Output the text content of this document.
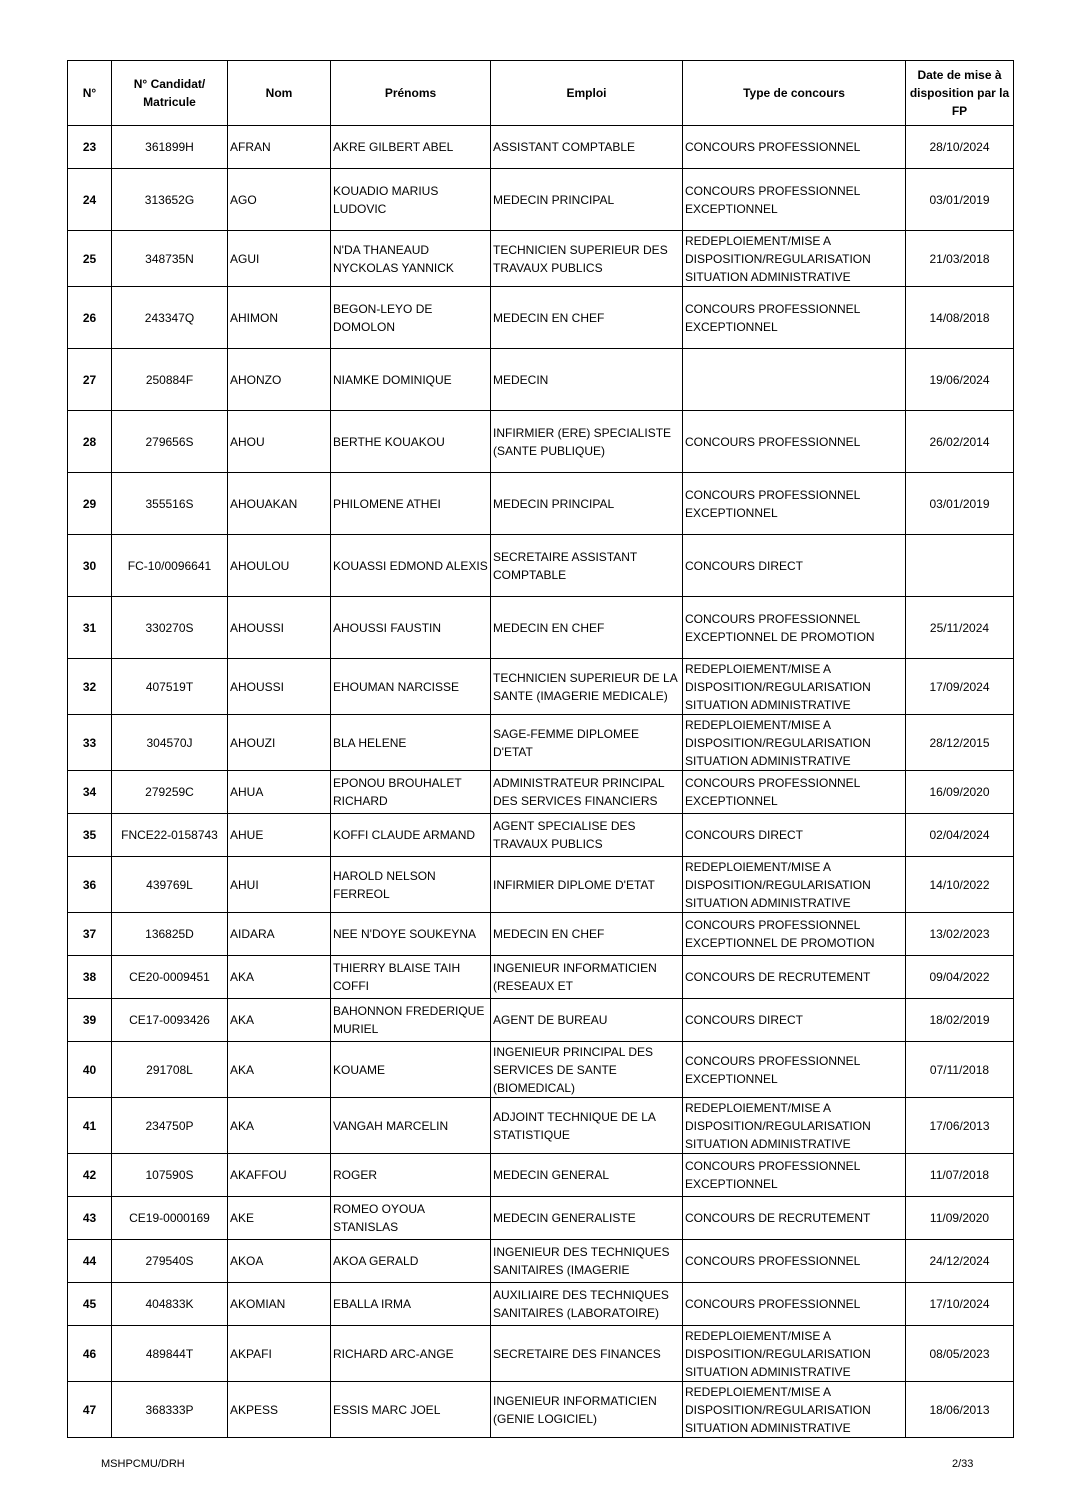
N°	N° Candidat/ Matricule	Nom	Prénoms	Emploi	Type de concours	Date de mise à disposition par la FP
23	361899H	AFRAN	AKRE GILBERT ABEL	ASSISTANT COMPTABLE	CONCOURS PROFESSIONNEL	28/10/2024
24	313652G	AGO	KOUADIO MARIUS LUDOVIC	MEDECIN PRINCIPAL	CONCOURS PROFESSIONNEL EXCEPTIONNEL	03/01/2019
25	348735N	AGUI	N'DA THANEAUD NYCKOLAS YANNICK	TECHNICIEN SUPERIEUR DES TRAVAUX PUBLICS	REDEPLOIEMENT/MISE A DISPOSITION/REGULARISATION SITUATION ADMINISTRATIVE	21/03/2018
26	243347Q	AHIMON	BEGON-LEYO DE DOMOLON	MEDECIN EN CHEF	CONCOURS PROFESSIONNEL EXCEPTIONNEL	14/08/2018
27	250884F	AHONZO	NIAMKE DOMINIQUE	MEDECIN		19/06/2024
28	279656S	AHOU	BERTHE KOUAKOU	INFIRMIER (ERE) SPECIALISTE (SANTE PUBLIQUE)	CONCOURS PROFESSIONNEL	26/02/2014
29	355516S	AHOUAKAN	PHILOMENE ATHEI	MEDECIN PRINCIPAL	CONCOURS PROFESSIONNEL EXCEPTIONNEL	03/01/2019
30	FC-10/0096641	AHOULOU	KOUASSI EDMOND ALEXIS	SECRETAIRE ASSISTANT COMPTABLE	CONCOURS DIRECT	
31	330270S	AHOUSSI	AHOUSSI FAUSTIN	MEDECIN EN CHEF	CONCOURS PROFESSIONNEL EXCEPTIONNEL DE PROMOTION	25/11/2024
32	407519T	AHOUSSI	EHOUMAN NARCISSE	TECHNICIEN SUPERIEUR DE LA SANTE (IMAGERIE MEDICALE)	REDEPLOIEMENT/MISE A DISPOSITION/REGULARISATION SITUATION ADMINISTRATIVE	17/09/2024
33	304570J	AHOUZI	BLA HELENE	SAGE-FEMME DIPLOMEE D'ETAT	REDEPLOIEMENT/MISE A DISPOSITION/REGULARISATION SITUATION ADMINISTRATIVE	28/12/2015
34	279259C	AHUA	EPONOU BROUHALET RICHARD	ADMINISTRATEUR PRINCIPAL DES SERVICES FINANCIERS	CONCOURS PROFESSIONNEL EXCEPTIONNEL	16/09/2020
35	FNCE22-0158743	AHUE	KOFFI CLAUDE ARMAND	AGENT SPECIALISE DES TRAVAUX PUBLICS	CONCOURS DIRECT	02/04/2024
36	439769L	AHUI	HAROLD NELSON FERREOL	INFIRMIER DIPLOME D'ETAT	REDEPLOIEMENT/MISE A DISPOSITION/REGULARISATION SITUATION ADMINISTRATIVE	14/10/2022
37	136825D	AIDARA	NEE N'DOYE SOUKEYNA	MEDECIN EN CHEF	CONCOURS PROFESSIONNEL EXCEPTIONNEL DE PROMOTION	13/02/2023
38	CE20-0009451	AKA	THIERRY BLAISE TAIH COFFI	INGENIEUR INFORMATICIEN (RESEAUX ET	CONCOURS DE RECRUTEMENT	09/04/2022
39	CE17-0093426	AKA	BAHONNON FREDERIQUE MURIEL	AGENT DE BUREAU	CONCOURS DIRECT	18/02/2019
40	291708L	AKA	KOUAME	INGENIEUR PRINCIPAL DES SERVICES DE SANTE (BIOMEDICAL)	CONCOURS PROFESSIONNEL EXCEPTIONNEL	07/11/2018
41	234750P	AKA	VANGAH MARCELIN	ADJOINT TECHNIQUE DE LA STATISTIQUE	REDEPLOIEMENT/MISE A DISPOSITION/REGULARISATION SITUATION ADMINISTRATIVE	17/06/2013
42	107590S	AKAFFOU	ROGER	MEDECIN GENERAL	CONCOURS PROFESSIONNEL EXCEPTIONNEL	11/07/2018
43	CE19-0000169	AKE	ROMEO OYOUA STANISLAS	MEDECIN GENERALISTE	CONCOURS DE RECRUTEMENT	11/09/2020
44	279540S	AKOA	AKOA GERALD	INGENIEUR DES TECHNIQUES SANITAIRES (IMAGERIE	CONCOURS PROFESSIONNEL	24/12/2024
45	404833K	AKOMIAN	EBALLA IRMA	AUXILIAIRE DES TECHNIQUES SANITAIRES (LABORATOIRE)	CONCOURS PROFESSIONNEL	17/10/2024
46	489844T	AKPAFI	RICHARD ARC-ANGE	SECRETAIRE DES FINANCES	REDEPLOIEMENT/MISE A DISPOSITION/REGULARISATION SITUATION ADMINISTRATIVE	08/05/2023
47	368333P	AKPESS	ESSIS MARC JOEL	INGENIEUR INFORMATICIEN (GENIE LOGICIEL)	REDEPLOIEMENT/MISE A DISPOSITION/REGULARISATION SITUATION ADMINISTRATIVE	18/06/2013
MSHPCMU/DRH	2/33
